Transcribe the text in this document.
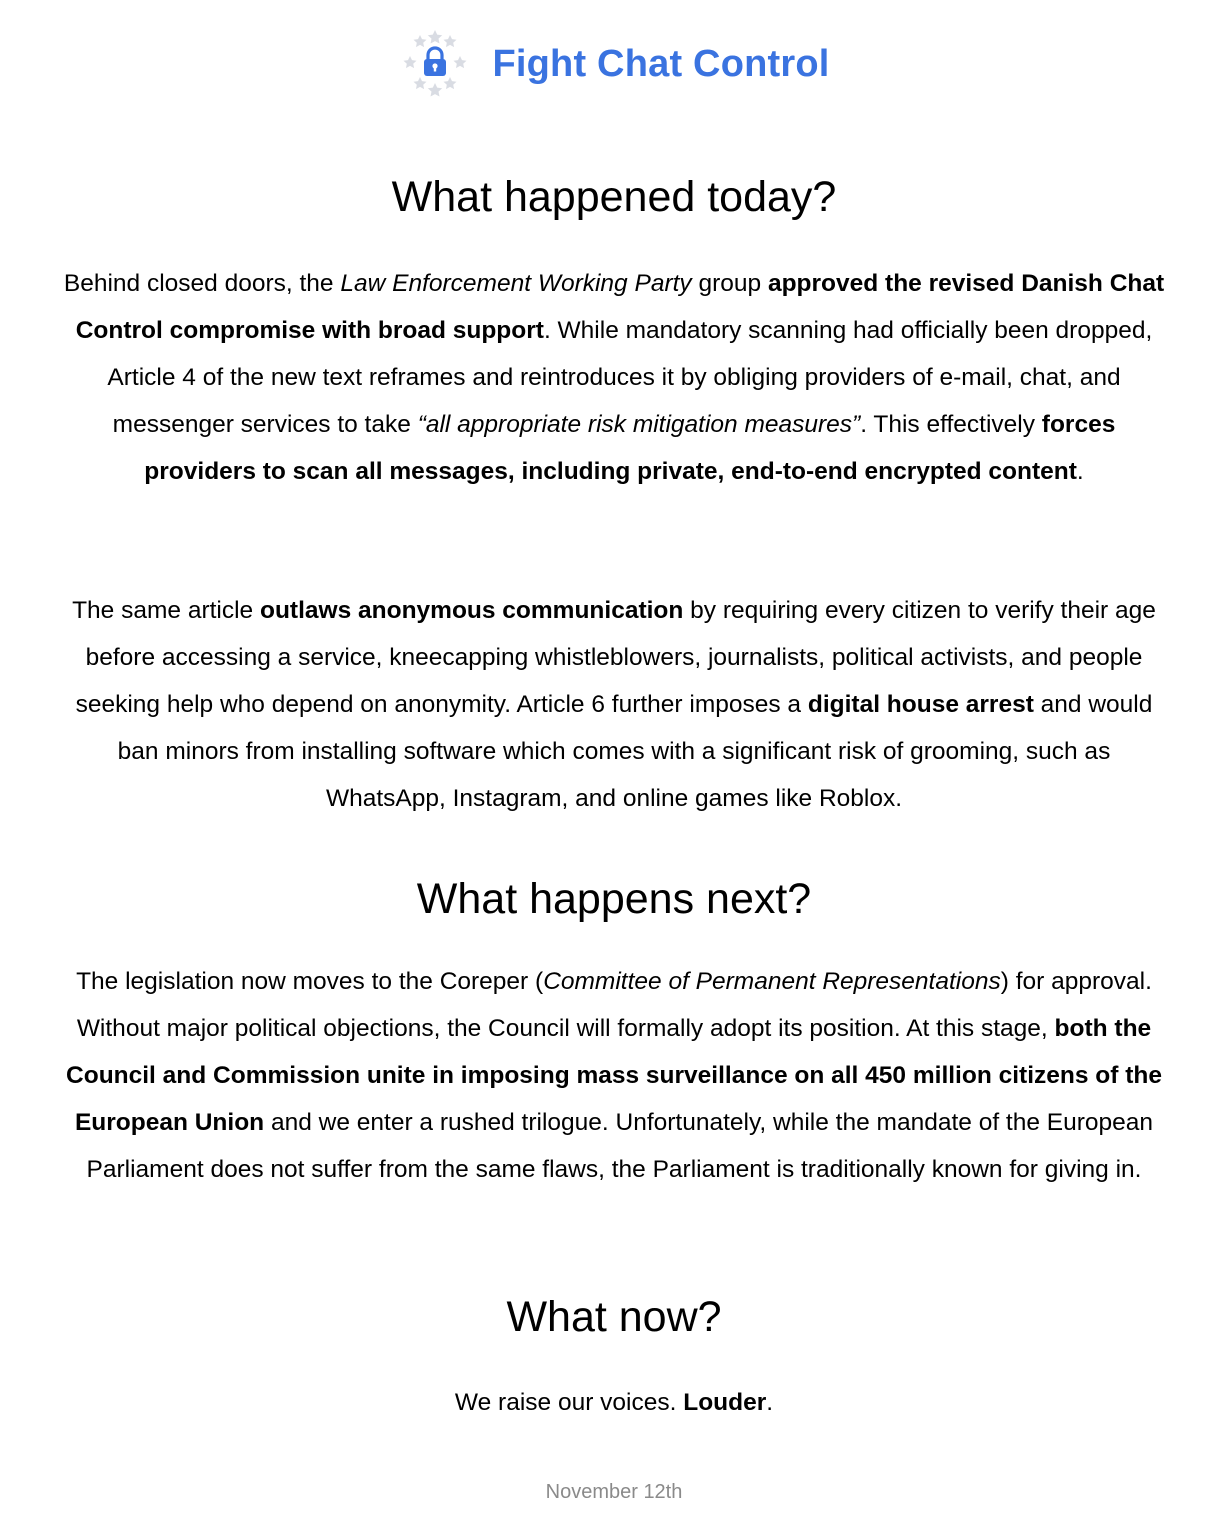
Fight Chat Control
What happened today?

Behind closed doors, the Law Enforcement Working Party group approved the revised Danish Chat Control compromise with broad support. While mandatory scanning had officially been dropped, Article 4 of the new text reframes and reintroduces it by obliging providers of e-mail, chat, and messenger services to take “all appropriate risk mitigation measures”. This effectively forces providers to scan all messages, including private, end-to-end encrypted content.

The same article outlaws anonymous communication by requiring every citizen to verify their age before accessing a service, kneecapping whistleblowers, journalists, political activists, and people seeking help who depend on anonymity. Article 6 further imposes a digital house arrest and would ban minors from installing software which comes with a significant risk of grooming, such as WhatsApp, Instagram, and online games like Roblox.

What happens next?

The legislation now moves to the Coreper (Committee of Permanent Representations) for approval. Without major political objections, the Council will formally adopt its position. At this stage, both the Council and Commission unite in imposing mass surveillance on all 450 million citizens of the European Union and we enter a rushed trilogue. Unfortunately, while the mandate of the European Parliament does not suffer from the same flaws, the Parliament is traditionally known for giving in.

What now?

We raise our voices. Louder.

November 12th
